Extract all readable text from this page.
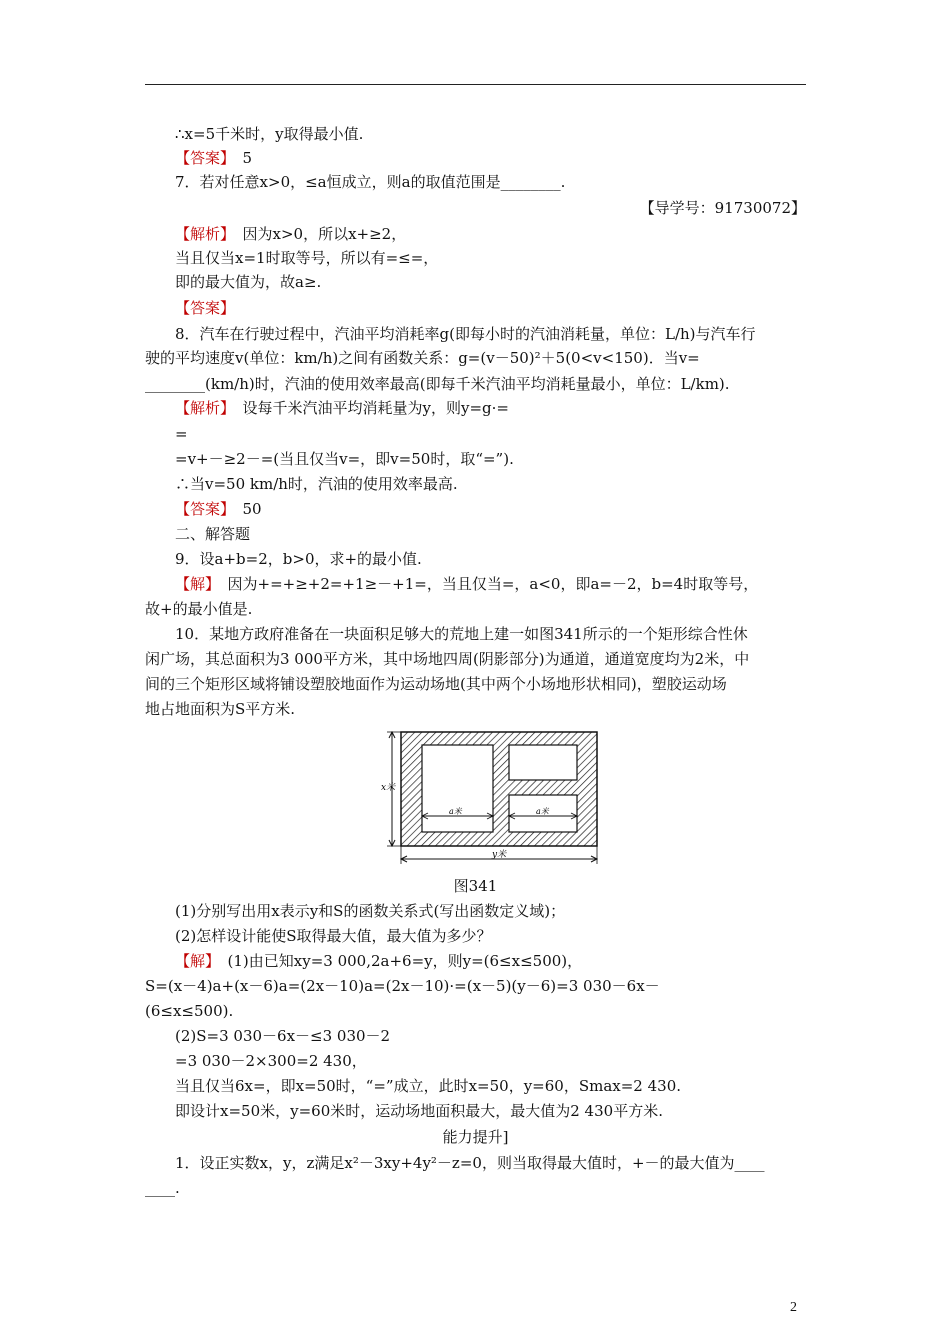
∴x=5千米时，y取得最小值.
【答案】　5
7．若对任意x>0，≤a恒成立，则a的取值范围是________.
【导学号：91730072】
【解析】　因为x>0，所以x+≥2，
当且仅当x=1时取等号，所以有=≤=，
即的最大值为，故a≥.
【答案】
8．汽车在行驶过程中，汽油平均消耗率g(即每小时的汽油消耗量，单位：L/h)与汽车行
驶的平均速度v(单位：km/h)之间有函数关系：g=(v－50)²＋5(0<v<150)．当v=
________(km/h)时，汽油的使用效率最高(即每千米汽油平均消耗量最小，单位：L/km).
【解析】　设每千米汽油平均消耗量为y，则y=g·=
=
=v+－≥2－=(当且仅当v=，即v=50时，取“=”).
∴当v=50 km/h时，汽油的使用效率最高.
【答案】　50
二、解答题
9．设a+b=2，b>0，求+的最小值.
【解】　因为+=+≥+2=+1≥－+1=，当且仅当=，a<0，即a=－2，b=4时取等号，
故+的最小值是.
10．某地方政府准备在一块面积足够大的荒地上建一如图341所示的一个矩形综合性休
闲广场，其总面积为3 000平方米，其中场地四周(阴影部分)为通道，通道宽度均为2米，中
间的三个矩形区域将铺设塑胶地面作为运动场地(其中两个小场地形状相同)，塑胶运动场
地占地面积为S平方米.
x米
a米	a米
y米
图341
(1)分别写出用x表示y和S的函数关系式(写出函数定义域)；
(2)怎样设计能使S取得最大值，最大值为多少？
【解】　(1)由已知xy=3 000,2a+6=y，则y=(6≤x≤500)，
S=(x－4)a+(x－6)a=(2x－10)a=(2x－10)·=(x－5)(y－6)=3 030－6x－
(6≤x≤500).
(2)S=3 030－6x－≤3 030－2
=3 030－2×300=2 430，
当且仅当6x=，即x=50时，“=”成立，此时x=50，y=60，Smax=2 430.
即设计x=50米，y=60米时，运动场地面积最大，最大值为2 430平方米.
能力提升]
1．设正实数x，y，z满足x²－3xy+4y²－z=0，则当取得最大值时，+－的最大值为____
____.
2
